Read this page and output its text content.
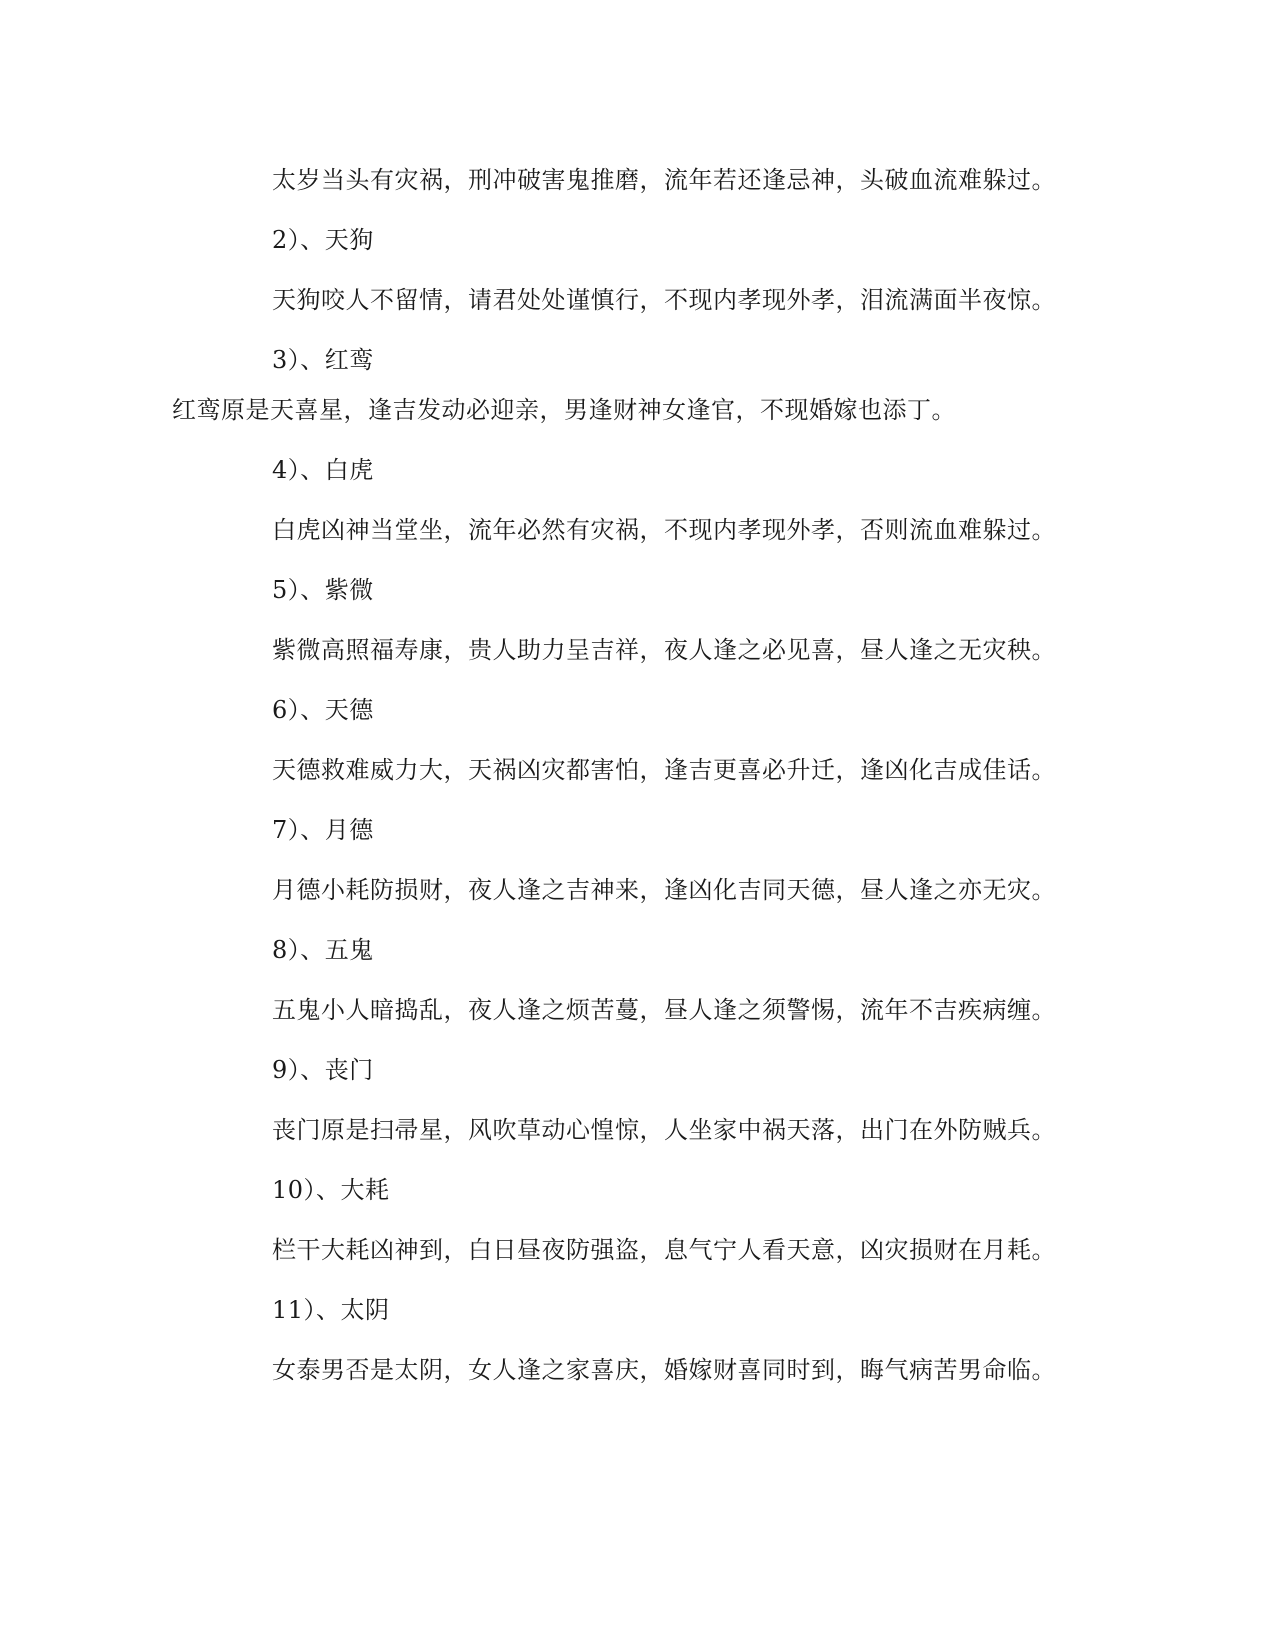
太岁当头有灾祸，刑冲破害鬼推磨，流年若还逢忌神，头破血流难躲过。

2）、天狗

天狗咬人不留情，请君处处谨慎行，不现内孝现外孝，泪流满面半夜惊。

3）、红鸾

红鸾原是天喜星，逢吉发动必迎亲，男逢财神女逢官，不现婚嫁也添丁。

4）、白虎

白虎凶神当堂坐，流年必然有灾祸，不现内孝现外孝，否则流血难躲过。

5）、紫微

紫微高照福寿康，贵人助力呈吉祥，夜人逢之必见喜，昼人逢之无灾秧。

6）、天德

天德救难威力大，天祸凶灾都害怕，逢吉更喜必升迁，逢凶化吉成佳话。

7）、月德

月德小耗防损财，夜人逢之吉神来，逢凶化吉同天德，昼人逢之亦无灾。

8）、五鬼

五鬼小人暗捣乱，夜人逢之烦苦蔓，昼人逢之须警惕，流年不吉疾病缠。

9）、丧门

丧门原是扫帚星，风吹草动心惶惊，人坐家中祸天落，出门在外防贼兵。

10）、大耗

栏干大耗凶神到，白日昼夜防强盗，息气宁人看天意，凶灾损财在月耗。

11）、太阴

女泰男否是太阴，女人逢之家喜庆，婚嫁财喜同时到，晦气病苦男命临。
